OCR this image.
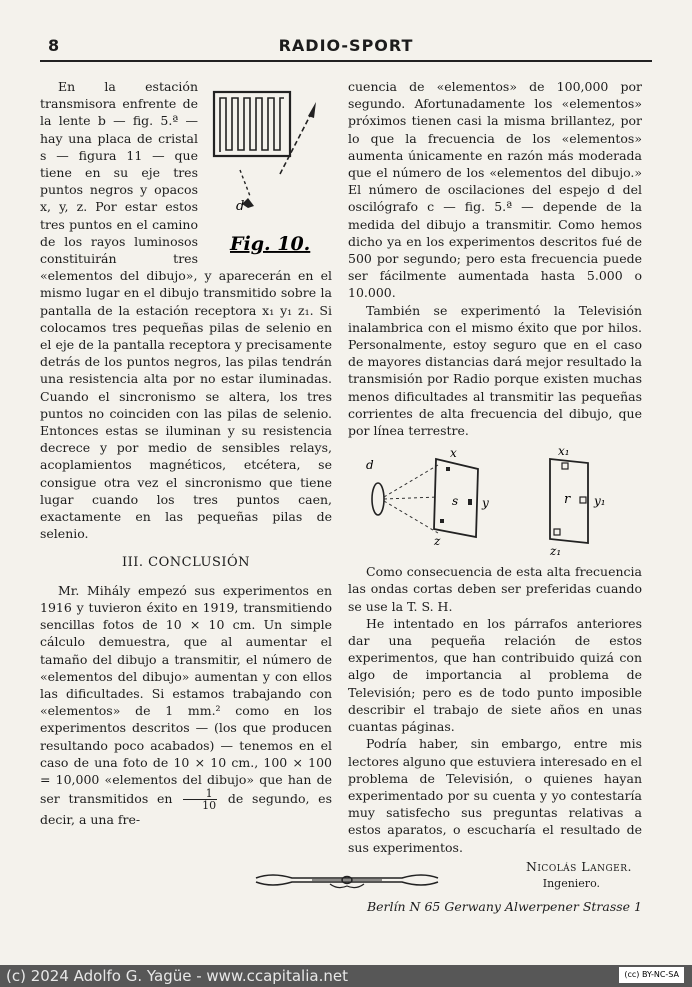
8	RADIO-SPORT

d
Fig. 10.
En la estación transmisora enfrente de la lente b — fig. 5.ª — hay una placa de cristal s — figura 11 — que tiene en su eje tres puntos negros y opacos x, y, z. Por estar estos tres puntos en el camino de los rayos luminosos constituirán tres «elementos del dibujo», y aparecerán en el mismo lugar en el dibujo transmitido sobre la pantalla de la estación receptora x₁ y₁ z₁. Si colocamos tres pequeñas pilas de selenio en el eje de la pantalla receptora y precisamente detrás de los puntos negros, las pilas tendrán una resistencia alta por no estar iluminadas. Cuando el sincronismo se altera, los tres puntos no coinciden con las pilas de selenio. Entonces estas se iluminan y su resistencia decrece y por medio de sensibles relays, acoplamientos magnéticos, etcétera, se consigue otra vez el sincronismo que tiene lugar cuando los tres puntos caen, exactamente en las pequeñas pilas de selenio.

III. CONCLUSIÓN

Mr. Mihály empezó sus experimentos en 1916 y tuvieron éxito en 1919, transmitiendo sencillas fotos de 10 × 10 cm. Un simple cálculo demuestra, que al aumentar el tamaño del dibujo a transmitir, el número de «elementos del dibujo» aumentan y con ellos las dificultades. Si estamos trabajando con «elementos» de 1 mm.² como en los experimentos descritos — (los que producen resultando poco acabados) — tenemos en el caso de una foto de 10 × 10 cm., 100 × 100 = 10,000 «elementos del dibujo» que han de ser transmitidos en $\frac{1}{10}$ de segundo, es decir, a una fre-

cuencia de «elementos» de 100,000 por segundo. Afortunadamente los «elementos» próximos tienen casi la misma brillantez, por lo que la frecuencia de los «elementos» aumenta únicamente en razón más moderada que el número de los «elementos del dibujo.» El número de oscilaciones del espejo d del oscilógrafo c — fig. 5.ª — depende de la medida del dibujo a transmitir. Como hemos dicho ya en los experimentos descritos fué de 500 por segundo; pero esta frecuencia puede ser fácilmente aumentada hasta 5.000 o 10.000.

También se experimentó la Televisión inalambrica con el mismo éxito que por hilos. Personalmente, estoy seguro que en el caso de mayores distancias dará mejor resultado la transmisión por Radio porque existen muchas menos dificultades al transmitir las pequeñas corrientes de alta frecuencia del dibujo, que por línea terrestre.

d
x
s y
z
x₁
r y₁
z₁

Como consecuencia de esta alta frecuencia las ondas cortas deben ser preferidas cuando se use la T. S. H.

He intentado en los párrafos anteriores dar una pequeña relación de estos experimentos, que han contribuido quizá con algo de importancia al problema de Televisión; pero es de todo punto imposible describir el trabajo de siete años en unas cuantas páginas.

Podría haber, sin embargo, entre mis lectores alguno que estuviera interesado en el problema de Televisión, o quienes hayan experimentado por su cuenta y yo contestaría muy satisfecho sus preguntas relativas a estos aparatos, o escucharía el resultado de sus experimentos.

Nicolás Langer.
Ingeniero.
Berlín N 65 Gerwany Alwerpener Strasse 1
(c) 2024 Adolfo G. Yagüe - www.ccapitalia.net	(cc) BY-NC-SA
